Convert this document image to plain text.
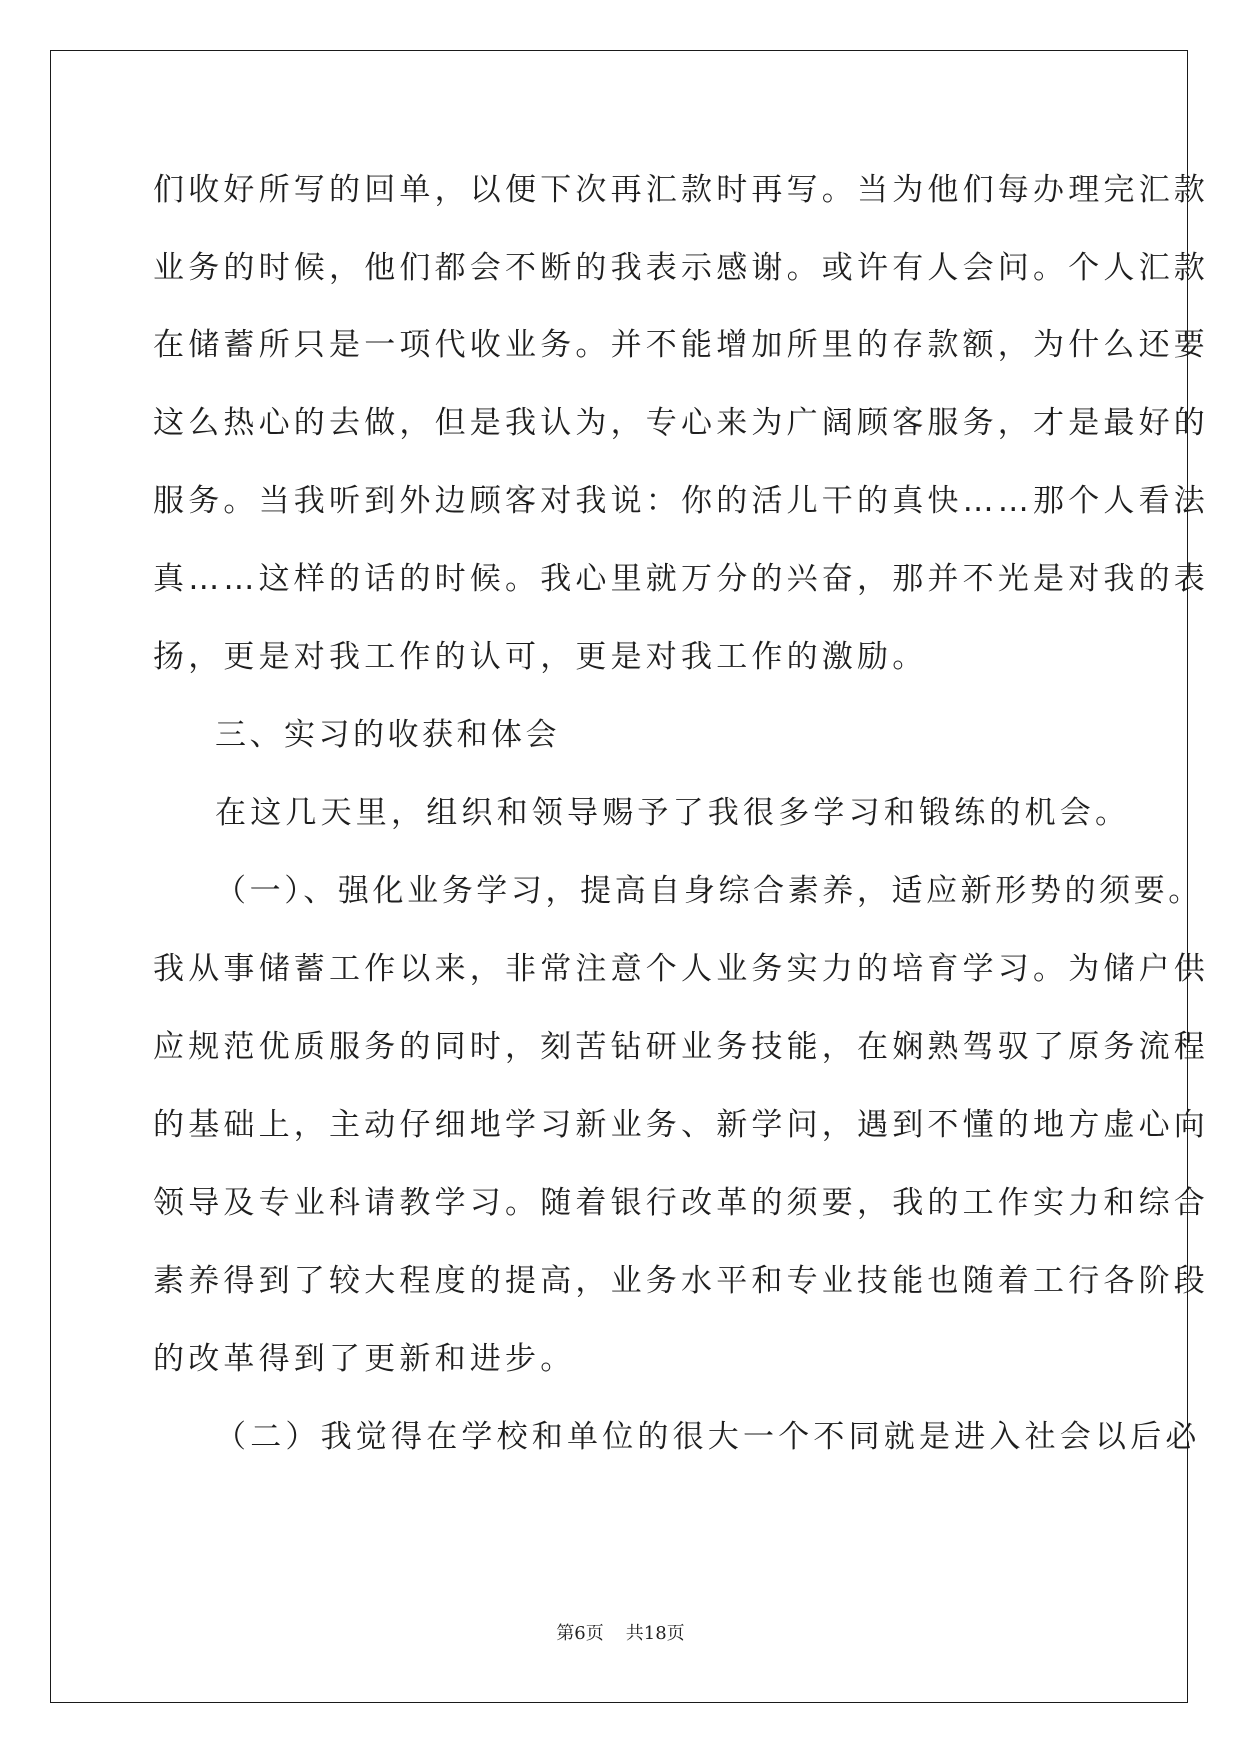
们收好所写的回单，以便下次再汇款时再写。当为他们每办理完汇款
业务的时候，他们都会不断的我表示感谢。或许有人会问。个人汇款
在储蓄所只是一项代收业务。并不能增加所里的存款额，为什么还要
这么热心的去做，但是我认为，专心来为广阔顾客服务，才是最好的
服务。当我听到外边顾客对我说：你的活儿干的真快……那个人看法
真……这样的话的时候。我心里就万分的兴奋，那并不光是对我的表
扬，更是对我工作的认可，更是对我工作的激励。
三、实习的收获和体会
在这几天里，组织和领导赐予了我很多学习和锻练的机会。
（一）、强化业务学习，提高自身综合素养，适应新形势的须要。
我从事储蓄工作以来，非常注意个人业务实力的培育学习。为储户供
应规范优质服务的同时，刻苦钻研业务技能，在娴熟驾驭了原务流程
的基础上，主动仔细地学习新业务、新学问，遇到不懂的地方虚心向
领导及专业科请教学习。随着银行改革的须要，我的工作实力和综合
素养得到了较大程度的提高，业务水平和专业技能也随着工行各阶段
的改革得到了更新和进步。
（二）我觉得在学校和单位的很大一个不同就是进入社会以后必
第6页 共18页
